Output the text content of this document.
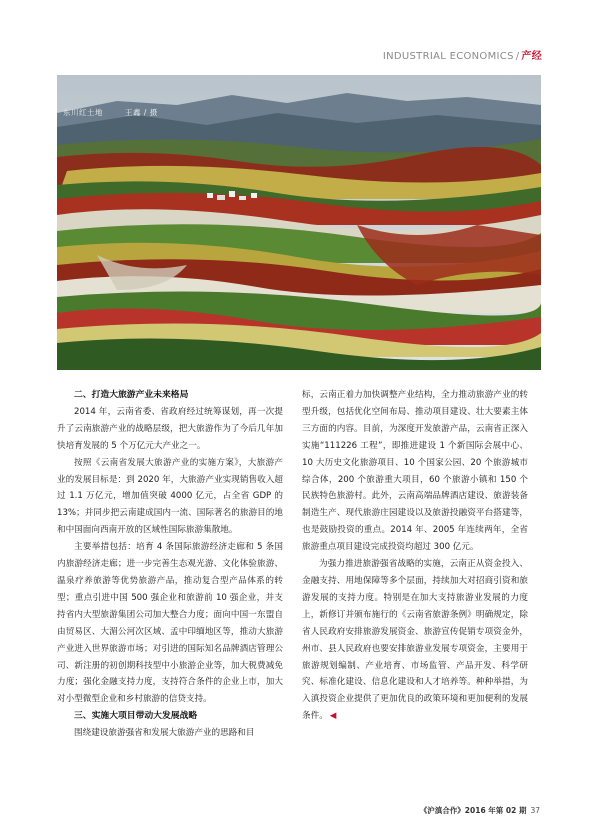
INDUSTRIAL ECONOMICS / 产经
东川红土地	王鑫 / 摄
二、打造大旅游产业未来格局

2014 年，云南省委、省政府经过统筹谋划，再一次提升了云南旅游产业的战略层级，把大旅游作为了今后几年加快培育发展的 5 个万亿元大产业之一。

按照《云南省发展大旅游产业的实施方案》，大旅游产业的发展目标是：到 2020 年，大旅游产业实现销售收入超过 1.1 万亿元，增加值突破 4000 亿元，占全省 GDP 的 13%；并同步把云南建成国内一流、国际著名的旅游目的地和中国面向西南开放的区域性国际旅游集散地。

主要举措包括：培育 4 条国际旅游经济走廊和 5 条国内旅游经济走廊；进一步完善生态观光游、文化体验旅游、温泉疗养旅游等优势旅游产品，推动复合型产品体系的转型；重点引进中国 500 强企业和旅游前 10 强企业，并支持省内大型旅游集团公司加大整合力度；面向中国一东盟自由贸易区、大湄公河次区域、孟中印缅地区等，推动大旅游产业进入世界旅游市场；对引进的国际知名品牌酒店管理公司、新注册的初创期科技型中小旅游企业等，加大税费减免力度；强化金融支持力度，支持符合条件的企业上市，加大对小型微型企业和乡村旅游的信贷支持。

三、实施大项目带动大发展战略

围绕建设旅游强省和发展大旅游产业的思路和目

标，云南正着力加快调整产业结构，全力推动旅游产业的转型升级，包括优化空间布局、推动项目建设、壮大要素主体三方面的内容。目前，为深度开发旅游产品，云南省正深入实施“111226 工程”，即推进建设 1 个新国际会展中心、10 大历史文化旅游项目、10 个国家公园、20 个旅游城市综合体，200 个旅游重大项目，60 个旅游小镇和 150 个民族特色旅游村。此外，云南高端品牌酒店建设、旅游装备制造生产、现代旅游庄园建设以及旅游投融资平台搭建等，也是鼓励投资的重点。2014 年、2005 年连续两年，全省旅游重点项目建设完成投资均超过 300 亿元。

为强力推进旅游强省战略的实施，云南正从资金投入、金融支持、用地保障等多个层面，持续加大对招商引资和旅游发展的支持力度。特别是在加大支持旅游业发展的力度上，新修订并颁布施行的《云南省旅游条例》明确规定，除省人民政府安排旅游发展资金、旅游宣传促销专项资金外，州市、县人民政府也要安排旅游业发展专项资金，主要用于旅游规划编制、产业培育、市场监管、产品开发、科学研究、标准化建设、信息化建设和人才培养等。种种举措，为入滇投资企业提供了更加优良的政策环境和更加便利的发展条件。 ◀

《沪滇合作》2016 年第 02 期 37
